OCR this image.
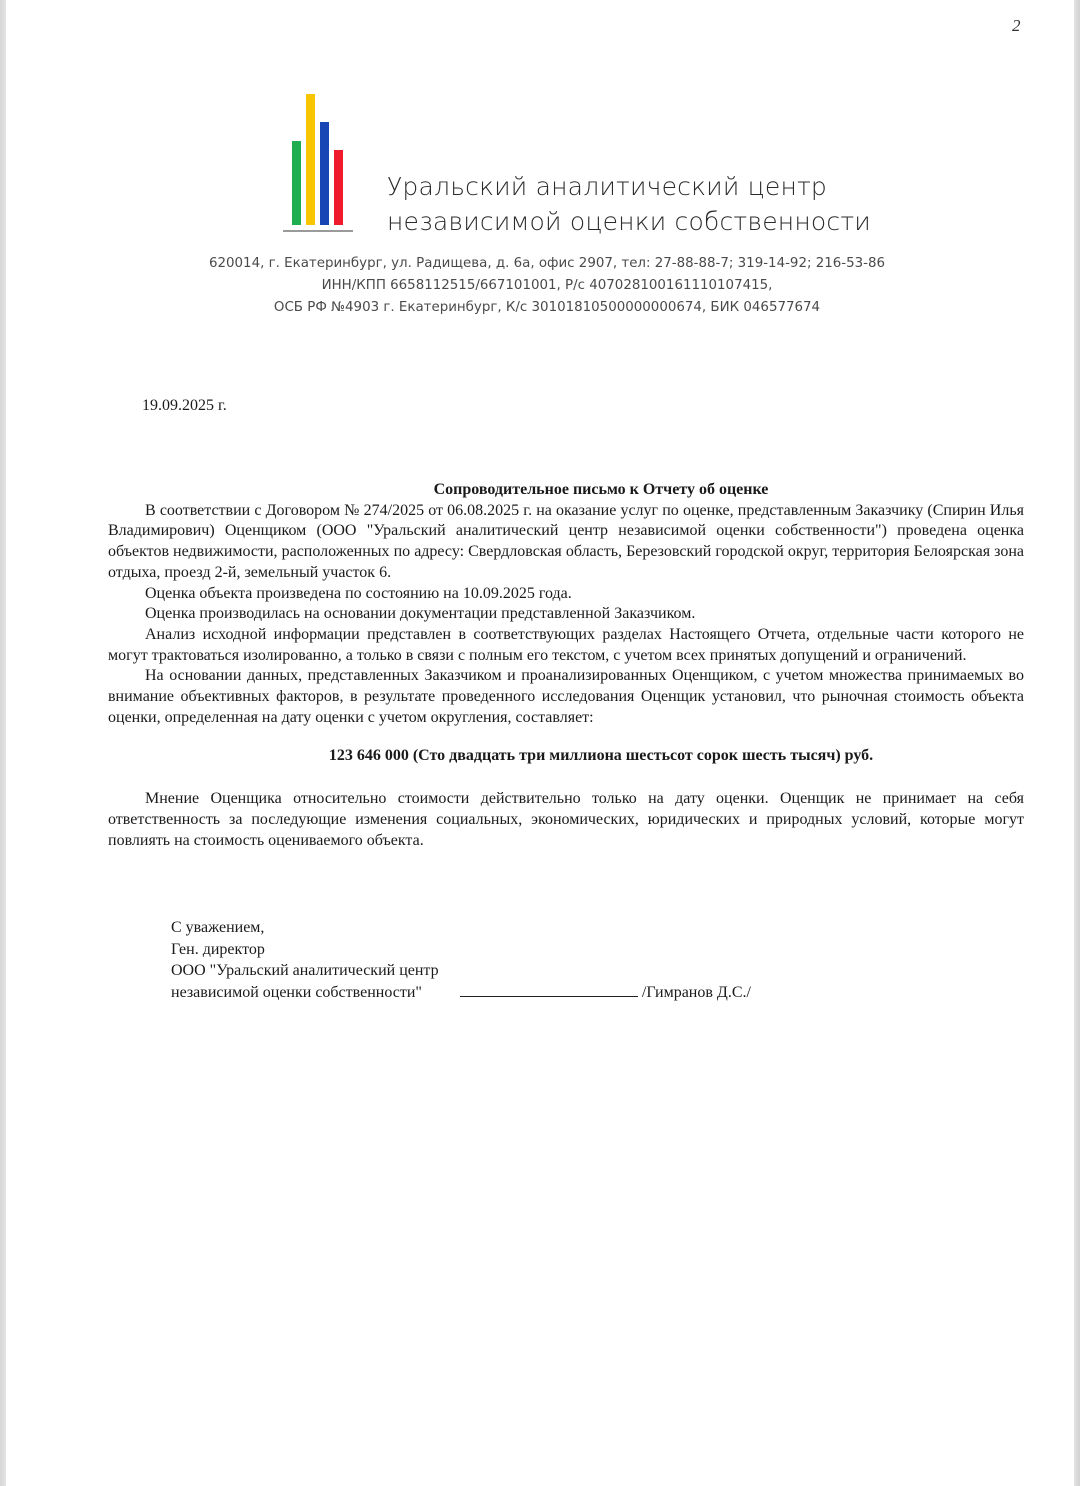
2
Уральский аналитический центр
независимой оценки собственности
620014, г. Екатеринбург, ул. Радищева, д. 6а, офис 2907, тел: 27-88-88-7; 319-14-92; 216-53-86
ИНН/КПП 6658112515/667101001, Р/с 40702810016111010741​5,
ОСБ РФ №4903 г. Екатеринбург, К/с 30101810500000000674, БИК 046577674
19.09.2025 г.
Сопроводительное письмо к Отчету об оценке

В соответствии с Договором № 274/2025 от 06.08.2025 г. на оказание услуг по оценке, представленным Заказчику (Спирин Илья Владимирович) Оценщиком (ООО "Уральский аналитический центр независимой оценки собственности") проведена оценка объектов недвижимости, расположенных по адресу: Свердловская область, Березовский городской округ, территория Белоярская зона отдыха, проезд 2-й, земельный участок 6.

Оценка объекта произведена по состоянию на 10.09.2025 года.

Оценка производилась на основании документации представленной Заказчиком.

Анализ исходной информации представлен в соответствующих разделах Настоящего Отчета, отдельные части которого не могут трактоваться изолированно, а только в связи с полным его текстом, с учетом всех принятых допущений и ограничений.

На основании данных, представленных Заказчиком и проанализированных Оценщиком, с учетом множества принимаемых во внимание объективных факторов, в результате проведенного исследования Оценщик установил, что рыночная стоимость объекта оценки, определенная на дату оценки с учетом округления, составляет:

123 646 000 (Сто двадцать три миллиона шестьсот сорок шесть тысяч) руб.

Мнение Оценщика относительно стоимости действительно только на дату оценки. Оценщик не принимает на себя ответственность за последующие изменения социальных, экономических, юридических и природных условий, которые могут повлиять на стоимость оцениваемого объекта.

С уважением,
Ген. директор
ООО "Уральский аналитический центр
независимой оценки собственности"	/Гимранов Д.С./
